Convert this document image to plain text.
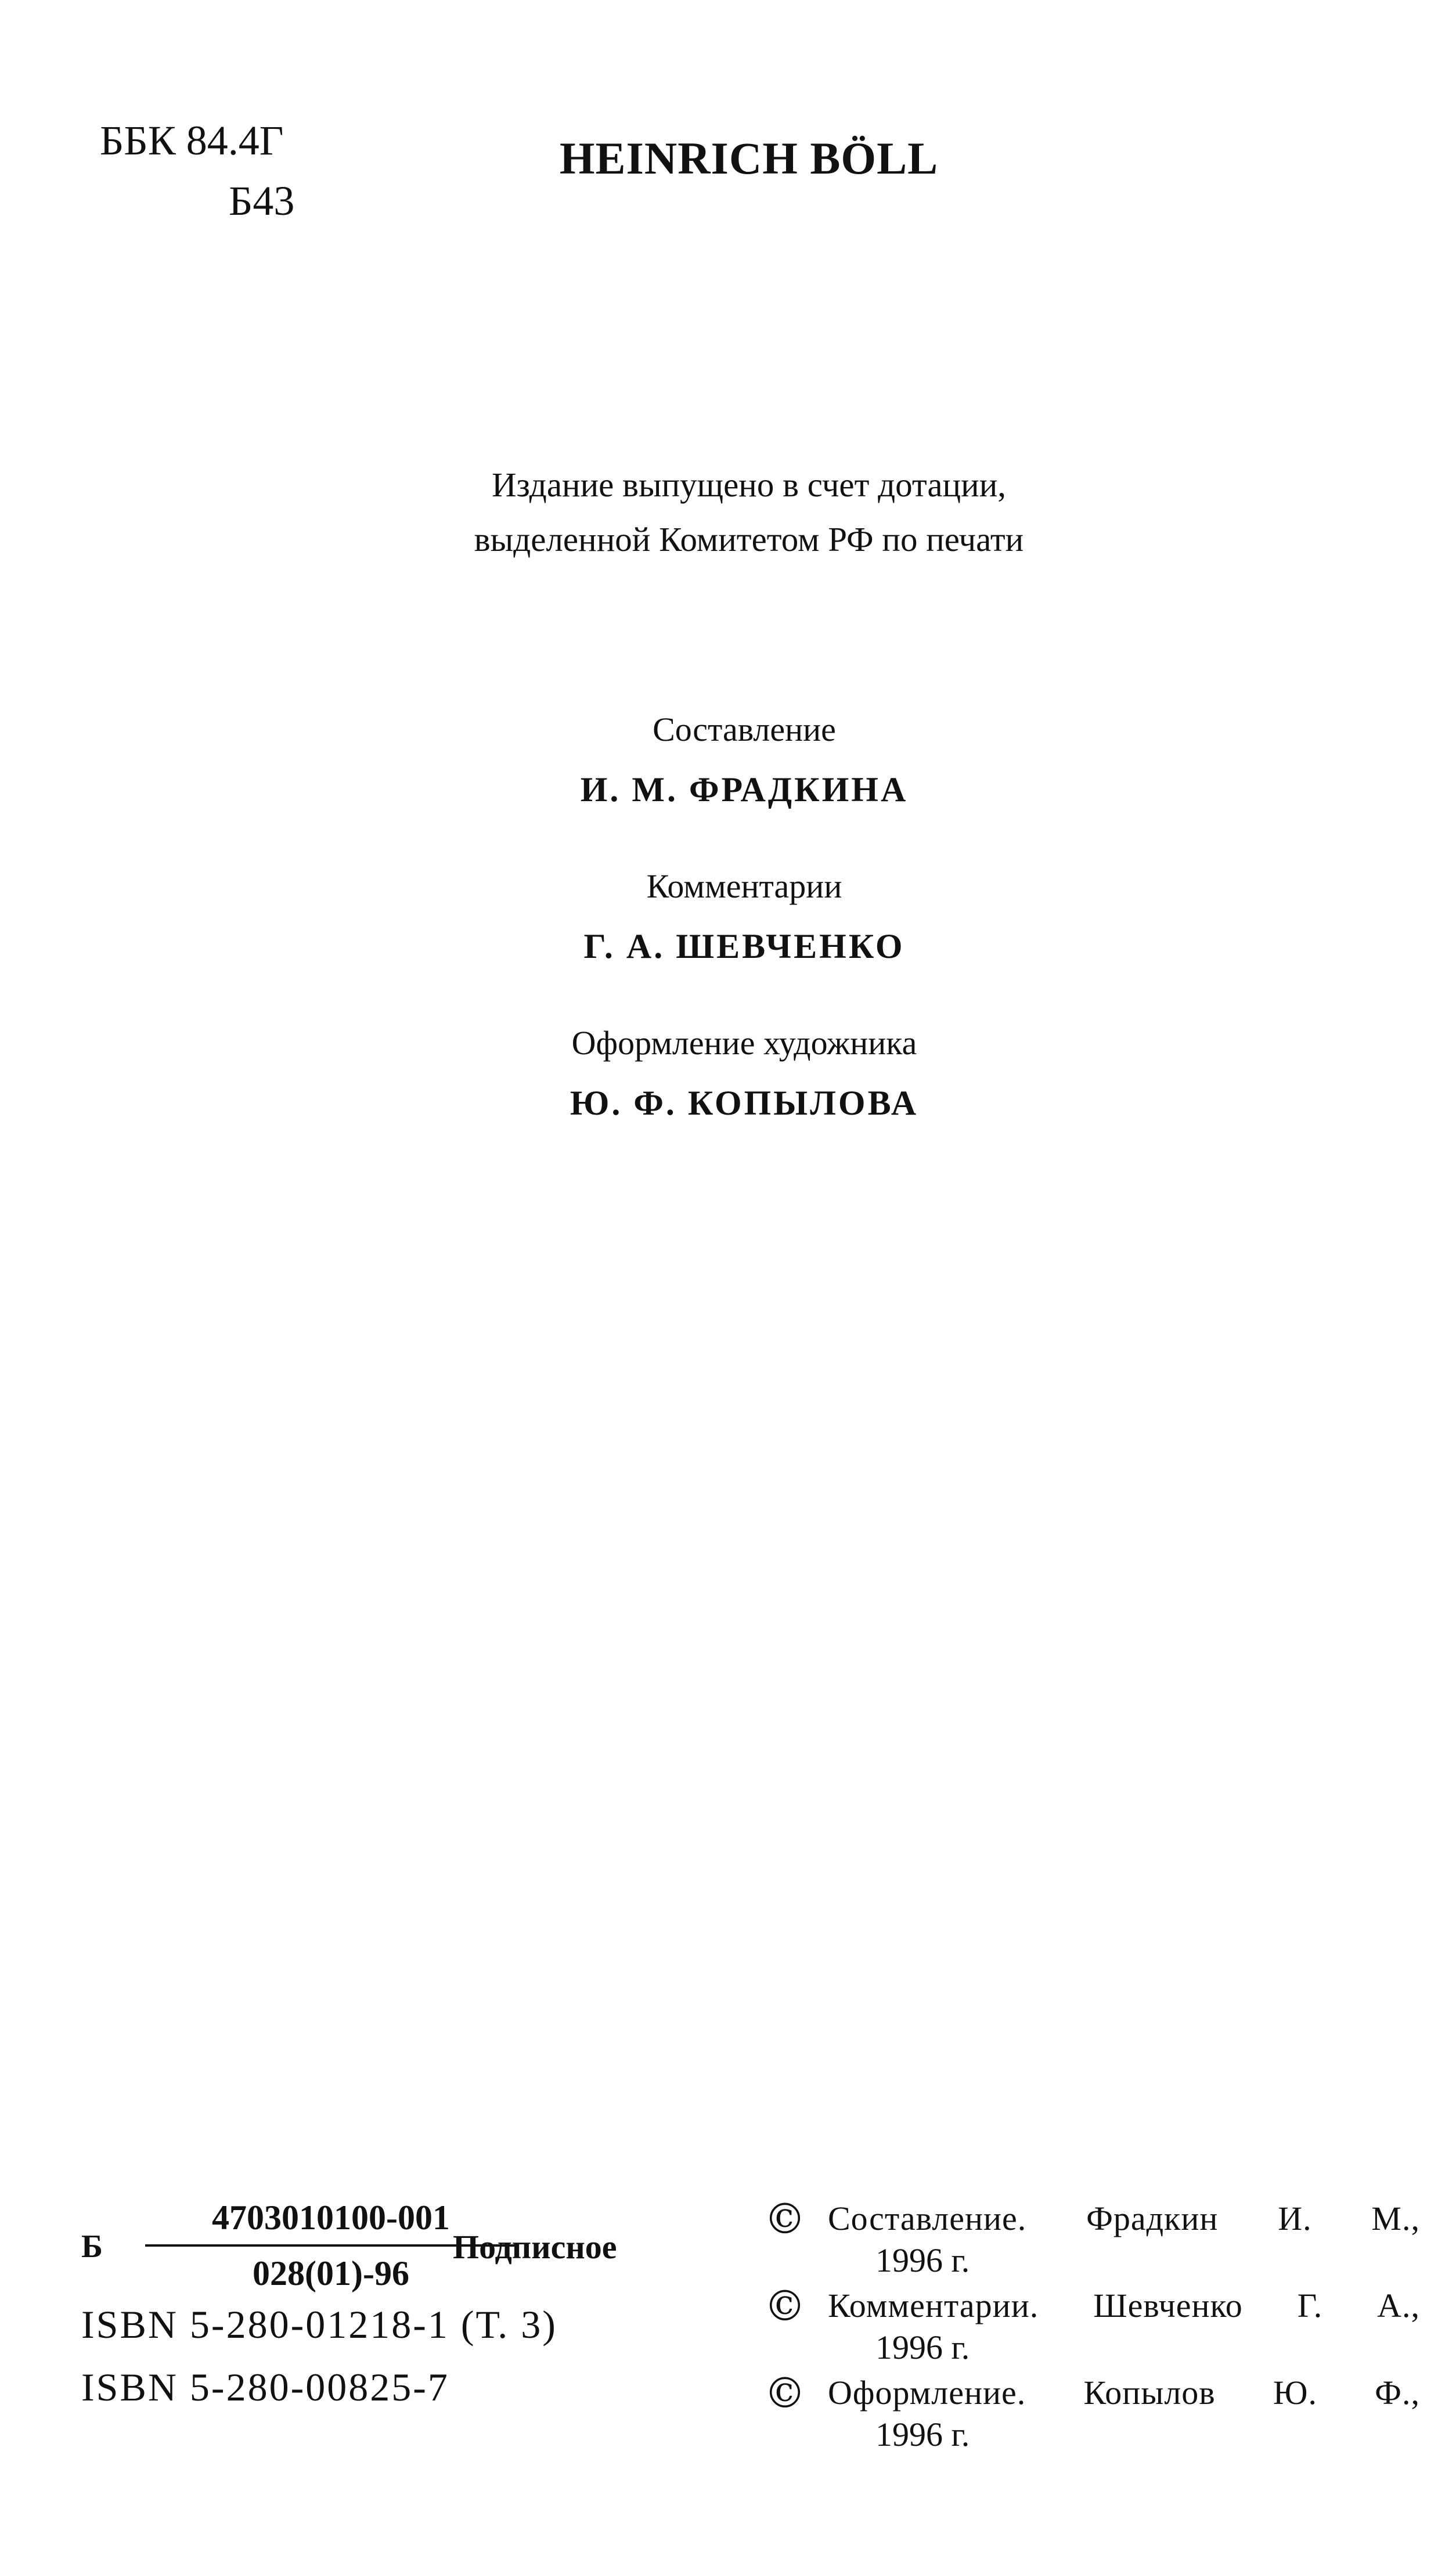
ББК 84.4Г
Б43
HEINRICH BÖLL
Издание выпущено в счет дотации,
выделенной Комитетом РФ по печати
Составление
И. М. ФРАДКИНА
Комментарии
Г. А. ШЕВЧЕНКО
Оформление художника
Ю. Ф. КОПЫЛОВА
Б
4703010100-001
028(01)-96
Подписное
ISBN 5-280-01218-1 (Т. 3)
ISBN 5-280-00825-7
© Составление. Фрадкин И. М.,
1996 г.
© Комментарии. Шевченко Г. А.,
1996 г.
© Оформление. Копылов Ю. Ф.,
1996 г.
